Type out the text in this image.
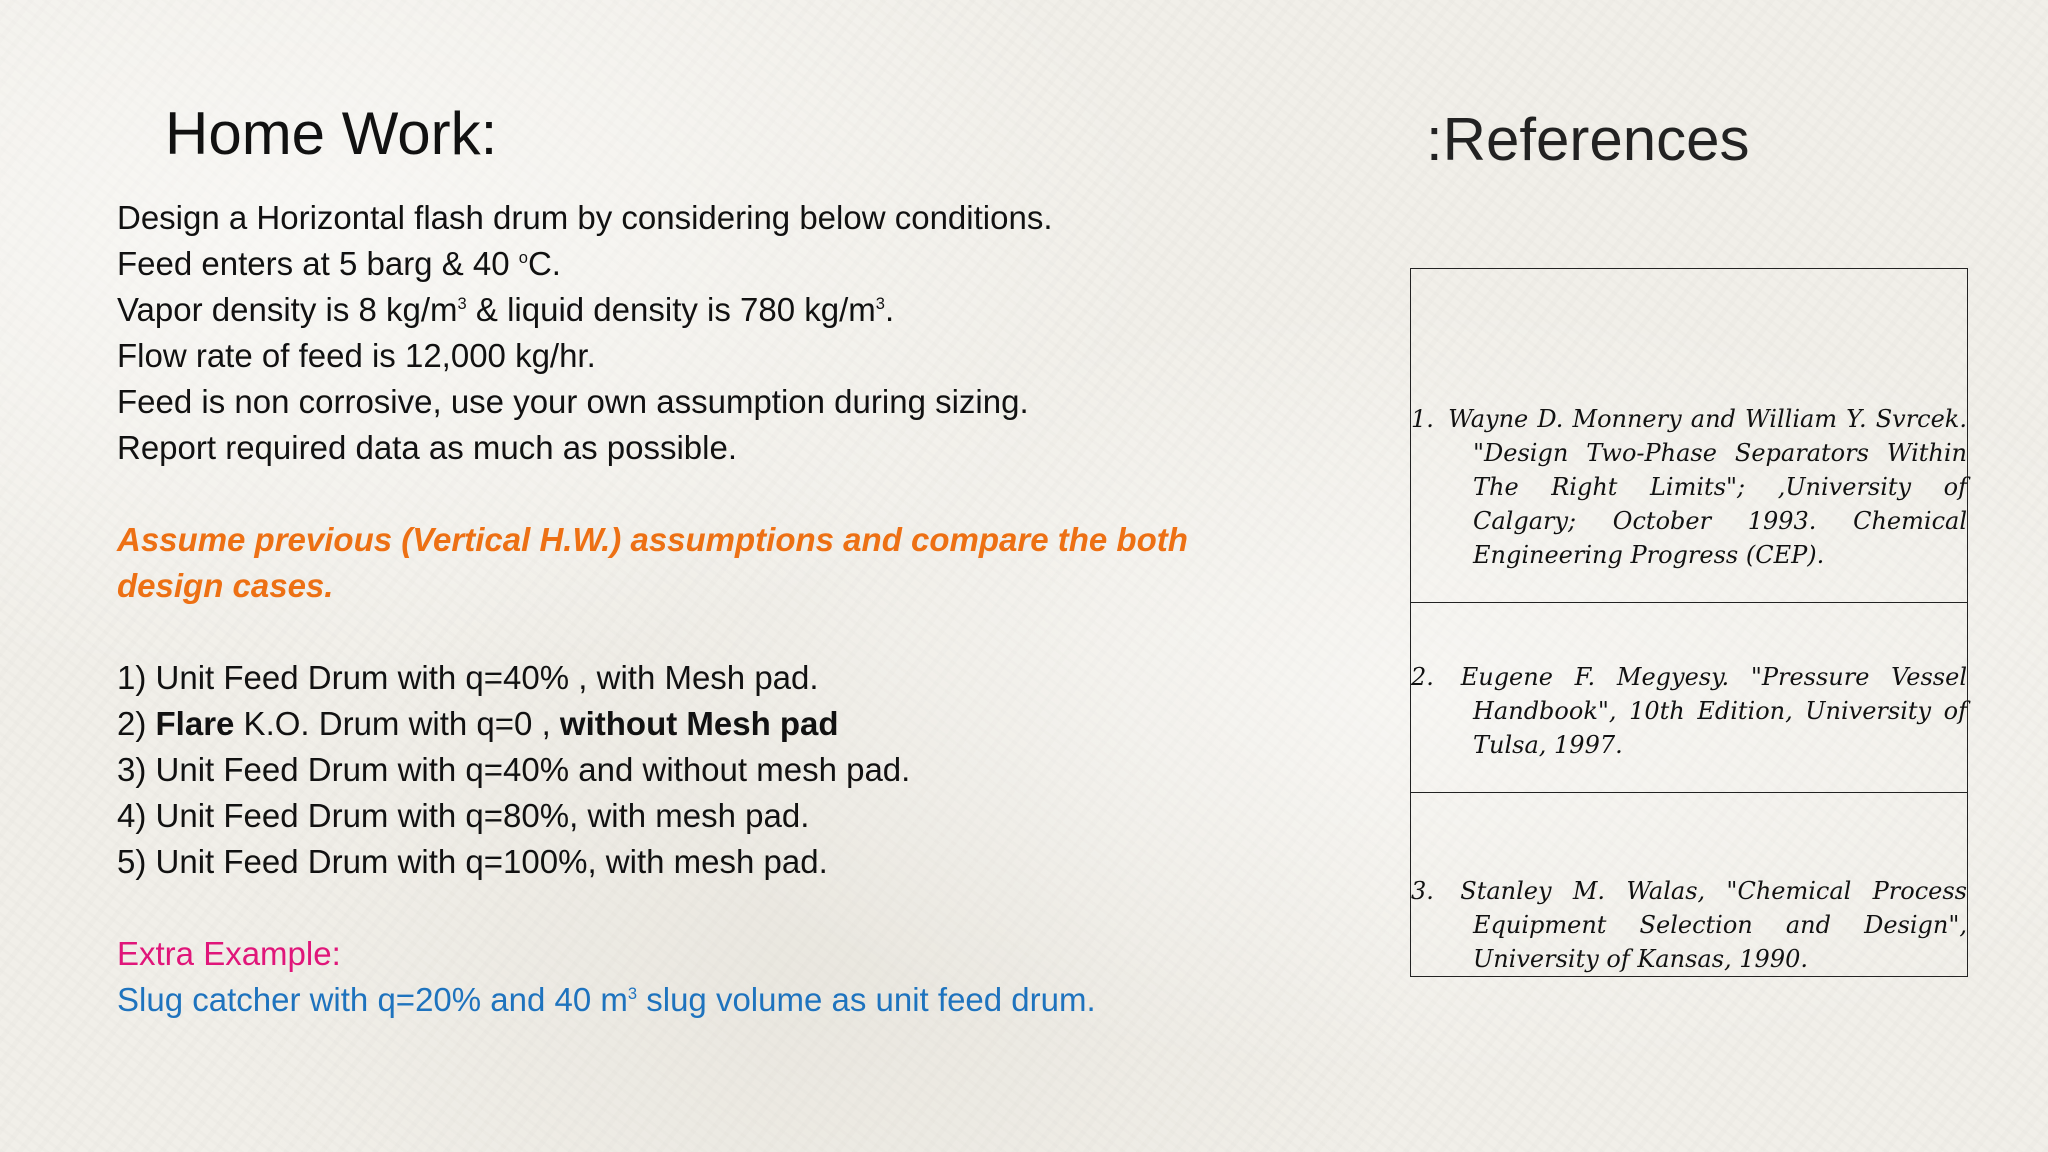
Home Work:	:References
Design a Horizontal flash drum by considering below conditions.
Feed enters at 5 barg & 40 $^o$C.
Vapor density is 8 $kg/m^3$ & liquid density is 780 $kg/m^3$.
Flow rate of feed is 12,000 kg/hr.
Feed is non corrosive, use your own assumption during sizing.
Report required data as much as possible.
Assume previous (Vertical H.W.) assumptions and compare the both
design cases.
1) Unit Feed Drum with q=40% , with Mesh pad.
2) Flare K.O. Drum with q=0 , without Mesh pad
3) Unit Feed Drum with q=40% and without mesh pad.
4) Unit Feed Drum with q=80%, with mesh pad.
5) Unit Feed Drum with q=100%, with mesh pad.
Extra Example:
Slug catcher with q=20% and 40 $m^3$ slug volume as unit feed drum.
1. Wayne D. Monnery and William Y. Svrcek. "Design Two-Phase Separators Within The Right Limits"; ,University of Calgary; October 1993. Chemical Engineering Progress (CEP).
2. Eugene F. Megyesy. "Pressure Vessel Handbook", 10th Edition, University of Tulsa, 1997.
3. Stanley M. Walas, "Chemical Process Equipment Selection and Design", University of Kansas, 1990.
